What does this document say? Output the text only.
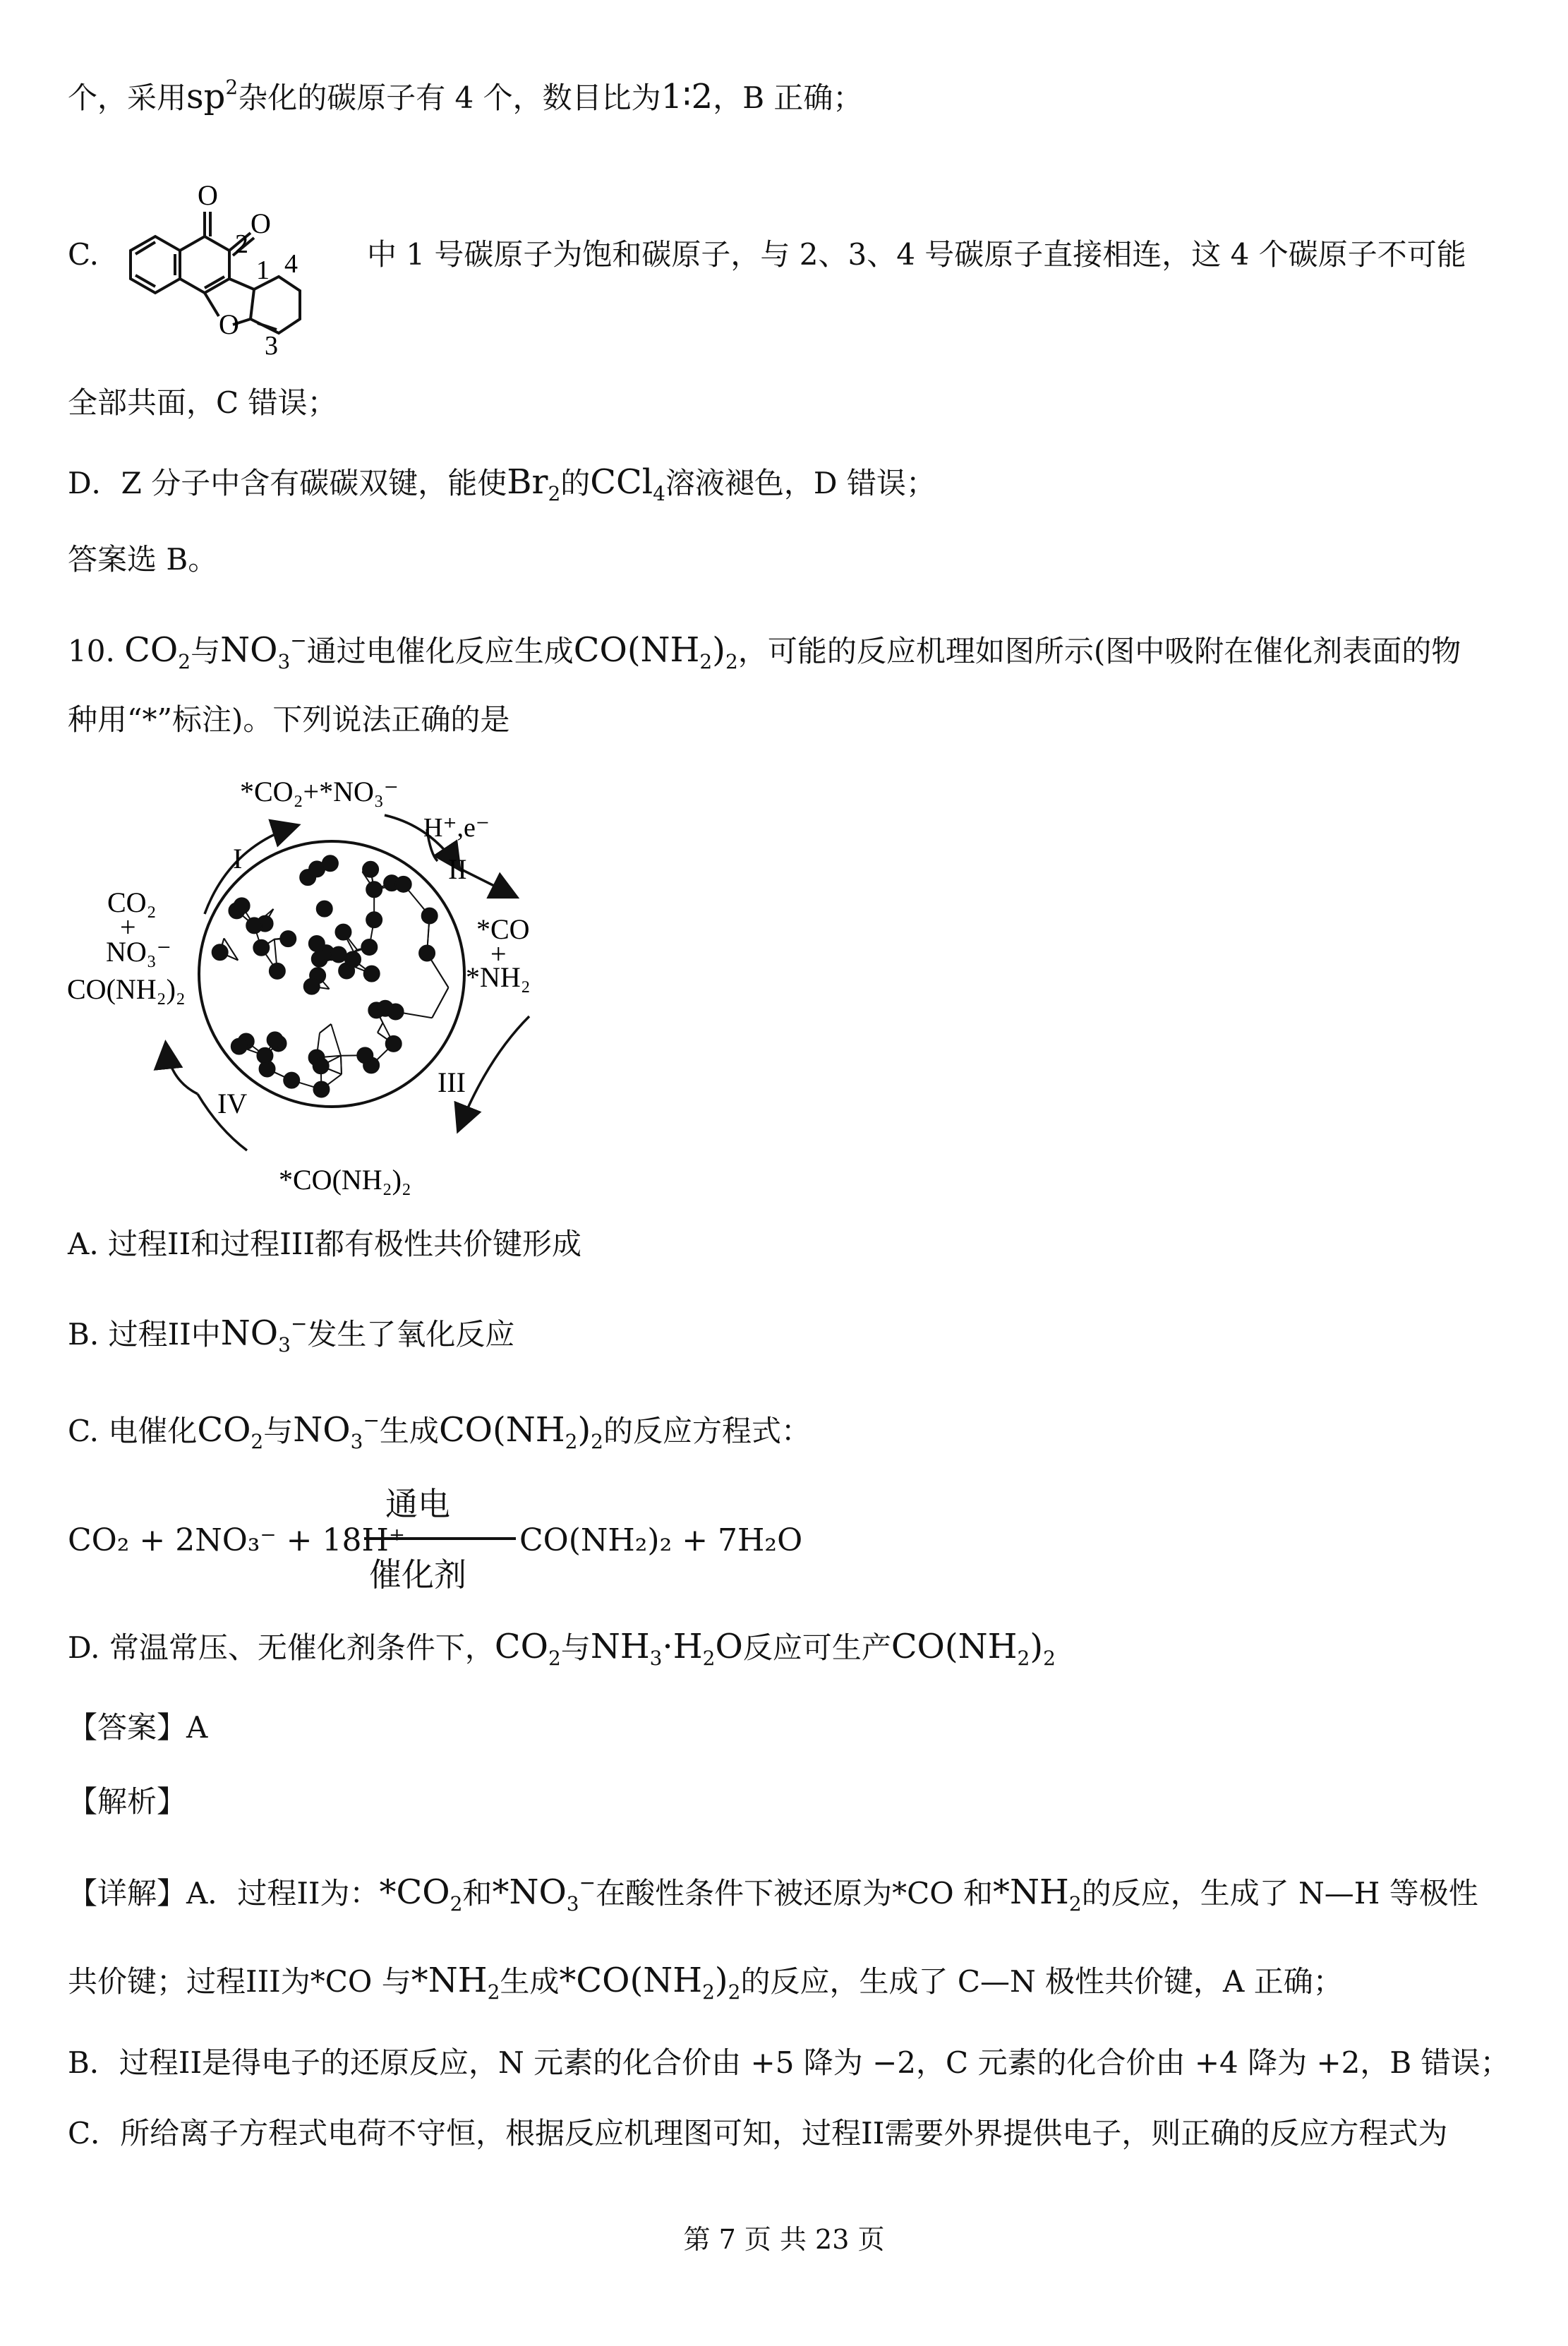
个，采用$sp^2$杂化的碳原子有 4 个，数目比为1∶2，B 正确；
C.
O
O
O
1
2
3
4 中 1 号碳原子为饱和碳原子，与 2、3、4 号碳原子直接相连，这 4 个碳原子不可能
全部共面，C 错误；
D．Z 分子中含有碳碳双键，能使$Br_2$的CCl$_4$溶液褪色，D 错误；
答案选 B。
10. $CO_2$与$NO_3^-$通过电催化反应生成$CO(NH_2)_2$，可能的反应机理如图所示(图中吸附在催化剂表面的物
种用“*”标注)。下列说法正确的是
*CO₂+*NO₃⁻
H⁺,e⁻
I	II
III
IV
*CO
+
*NH₂
CO₂
+
NO₃⁻
CO(NH₂)₂
*CO(NH₂)₂
A. 过程II和过程III都有极性共价键形成
B. 过程II中$NO_3^-$发生了氧化反应
C. 电催化$CO_2$与$NO_3^-$生成$CO(NH_2)_2$的反应方程式：
CO₂ + 2NO₃⁻ + 18H⁺
通电
催化剂
CO(NH₂)₂ + 7H₂O
D. 常温常压、无催化剂条件下，$CO_2$与$NH_3\cdot H_2O$反应可生产$CO(NH_2)_2$
【答案】A
【解析】
【详解】A．过程II为：$*CO_2$和$*NO_3^-$在酸性条件下被还原为*CO 和$*NH_2$的反应，生成了 N—H 等极性
共价键；过程III为*CO 与$*NH_2$生成$*CO(NH_2)_2$的反应，生成了 C—N 极性共价键，A 正确；
B．过程II是得电子的还原反应，N 元素的化合价由 +5 降为 −2，C 元素的化合价由 +4 降为 +2，B 错误；
C．所给离子方程式电荷不守恒，根据反应机理图可知，过程II需要外界提供电子，则正确的反应方程式为
第 7 页 共 23 页
